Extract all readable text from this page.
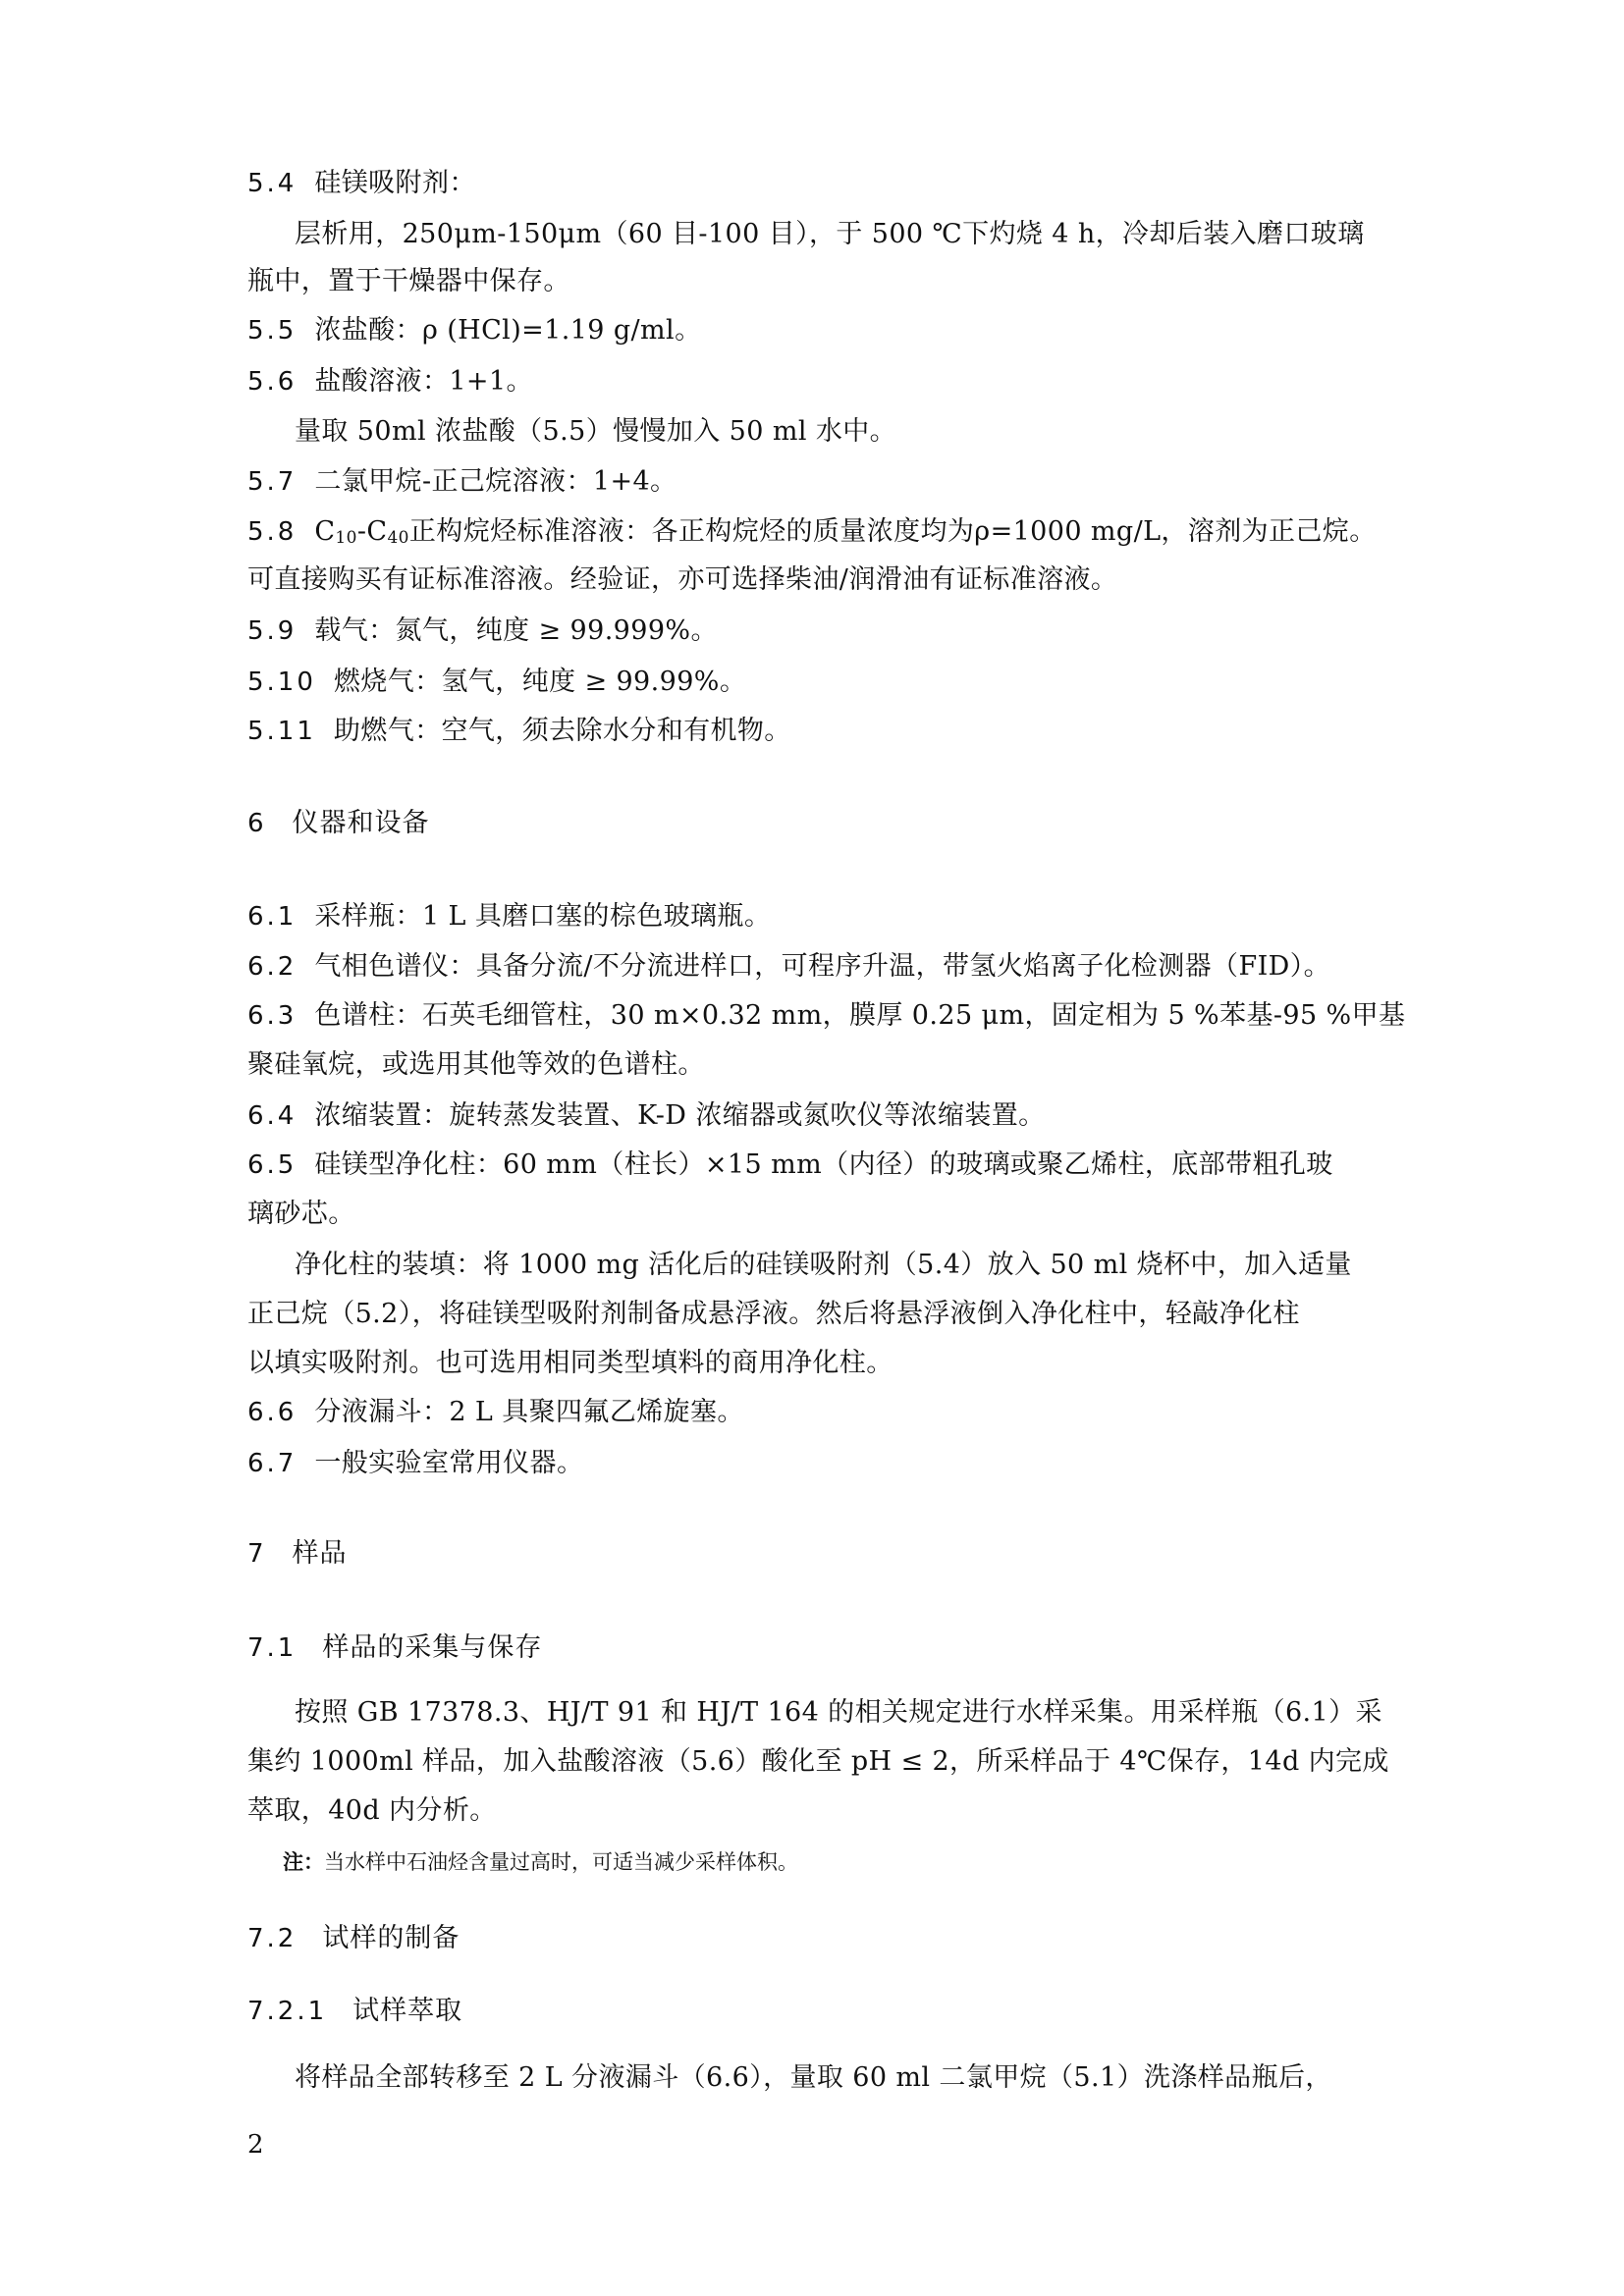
5.4 硅镁吸附剂：
层析用，250μm-150μm（60 目-100 目），于 500 ℃下灼烧 4 h，冷却后装入磨口玻璃
瓶中，置于干燥器中保存。
5.5 浓盐酸：ρ (HCl)=1.19 g/ml。
5.6 盐酸溶液：1+1。
量取 50ml 浓盐酸（5.5）慢慢加入 50 ml 水中。
5.7 二氯甲烷-正己烷溶液：1+4。
5.8 C10-C40正构烷烃标准溶液：各正构烷烃的质量浓度均为ρ=1000 mg/L，溶剂为正己烷。
可直接购买有证标准溶液。经验证，亦可选择柴油/润滑油有证标准溶液。
5.9 载气：氮气，纯度 ≥ 99.999%。
5.10 燃烧气：氢气，纯度 ≥ 99.99%。
5.11 助燃气：空气，须去除水分和有机物。
6 仪器和设备
6.1 采样瓶：1 L 具磨口塞的棕色玻璃瓶。
6.2 气相色谱仪：具备分流/不分流进样口，可程序升温，带氢火焰离子化检测器（FID）。
6.3 色谱柱：石英毛细管柱，30 m×0.32 mm，膜厚 0.25 μm，固定相为 5 %苯基-95 %甲基
聚硅氧烷，或选用其他等效的色谱柱。
6.4 浓缩装置：旋转蒸发装置、K-D 浓缩器或氮吹仪等浓缩装置。
6.5 硅镁型净化柱：60 mm（柱长）×15 mm（内径）的玻璃或聚乙烯柱，底部带粗孔玻
璃砂芯。
净化柱的装填：将 1000 mg 活化后的硅镁吸附剂（5.4）放入 50 ml 烧杯中，加入适量
正己烷（5.2），将硅镁型吸附剂制备成悬浮液。然后将悬浮液倒入净化柱中，轻敲净化柱
以填实吸附剂。也可选用相同类型填料的商用净化柱。
6.6 分液漏斗：2 L 具聚四氟乙烯旋塞。
6.7 一般实验室常用仪器。
7 样品
7.1 样品的采集与保存
按照 GB 17378.3、HJ/T 91 和 HJ/T 164 的相关规定进行水样采集。用采样瓶（6.1）采
集约 1000ml 样品，加入盐酸溶液（5.6）酸化至 pH ≤ 2，所采样品于 4℃保存，14d 内完成
萃取，40d 内分析。
注：当水样中石油烃含量过高时，可适当减少采样体积。
7.2 试样的制备
7.2.1 试样萃取
将样品全部转移至 2 L 分液漏斗（6.6），量取 60 ml 二氯甲烷（5.1）洗涤样品瓶后，
2
